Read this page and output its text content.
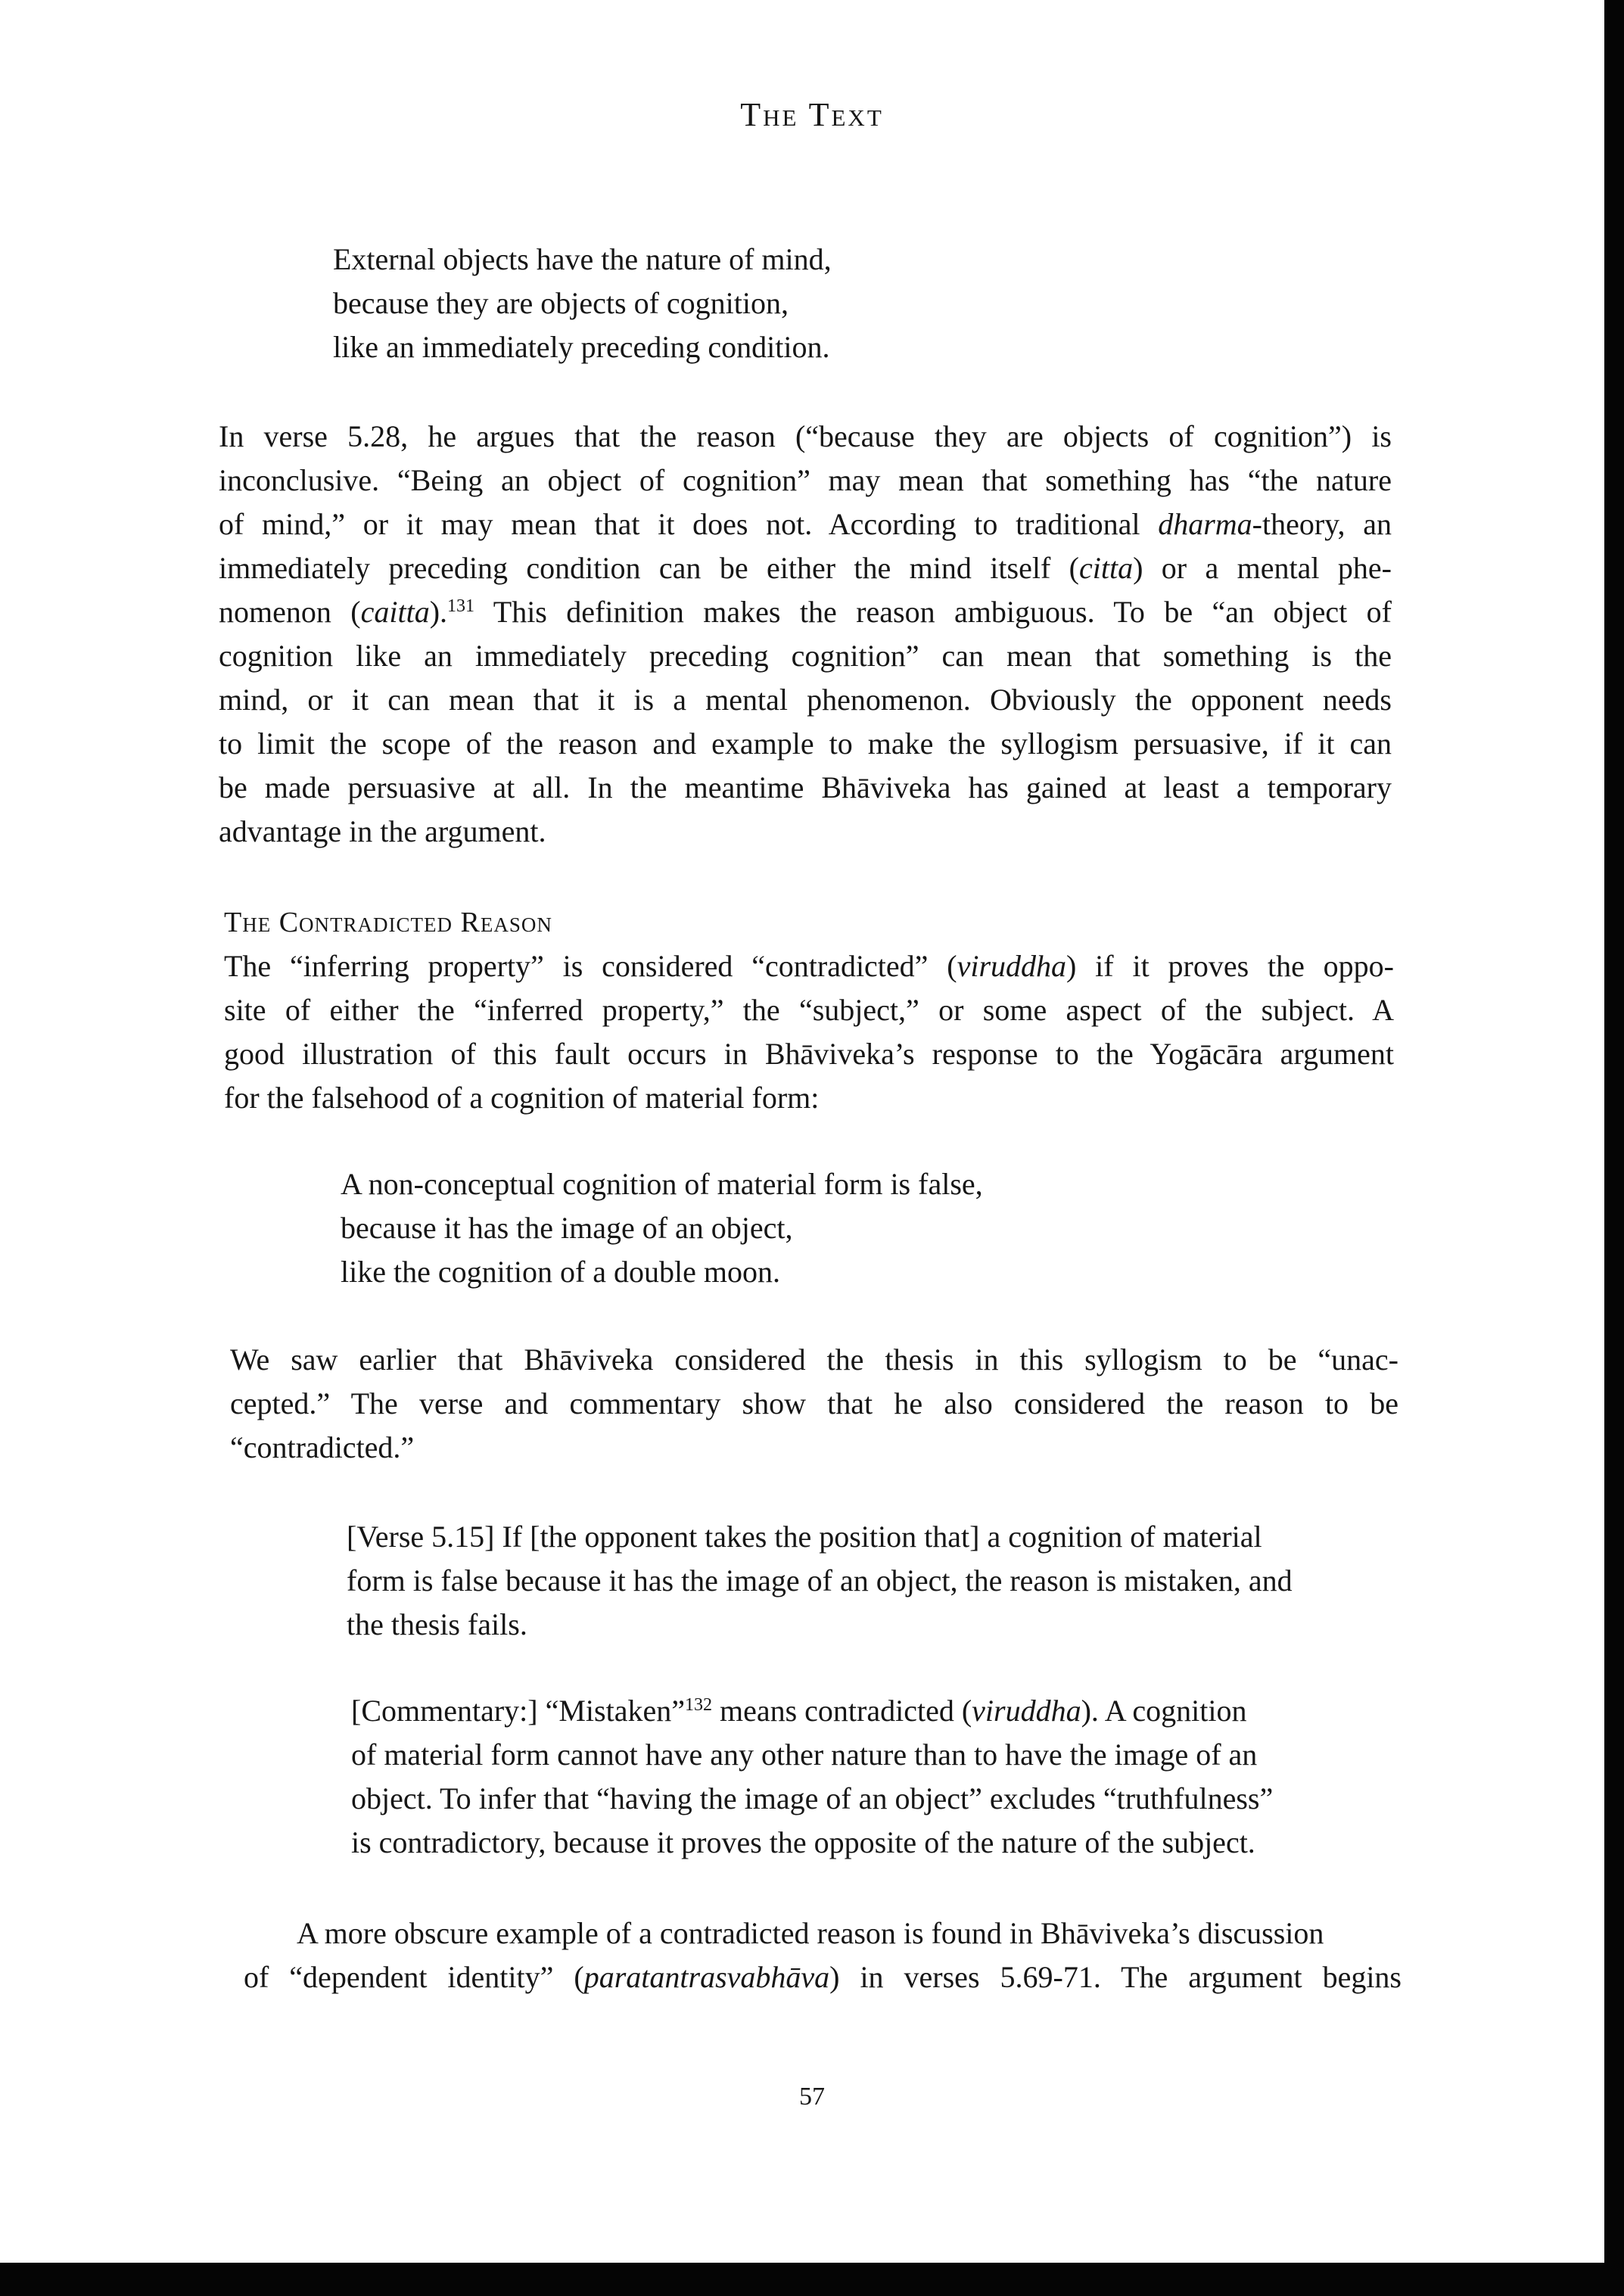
The Text
External objects have the nature of mind,
because they are objects of cognition,
like an immediately preceding condition.
In verse 5.28, he argues that the reason (“because they are objects of cognition”) is
inconclusive. “Being an object of cognition” may mean that something has “the nature
of mind,” or it may mean that it does not. According to traditional dharma-theory, an
immediately preceding condition can be either the mind itself (citta) or a mental phe-
nomenon (caitta).$^{131}$ This definition makes the reason ambiguous. To be “an object of
cognition like an immediately preceding cognition” can mean that something is the
mind, or it can mean that it is a mental phenomenon. Obviously the opponent needs
to limit the scope of the reason and example to make the syllogism persuasive, if it can
be made persuasive at all. In the meantime Bhāviveka has gained at least a temporary
advantage in the argument.
The Contradicted Reason
The “inferring property” is considered “contradicted” (viruddha) if it proves the oppo-
site of either the “inferred property,” the “subject,” or some aspect of the subject. A
good illustration of this fault occurs in Bhāviveka’s response to the Yogācāra argument
for the falsehood of a cognition of material form:
A non-conceptual cognition of material form is false,
because it has the image of an object,
like the cognition of a double moon.
We saw earlier that Bhāviveka considered the thesis in this syllogism to be “unac-
cepted.” The verse and commentary show that he also considered the reason to be
“contradicted.”
[Verse 5.15] If [the opponent takes the position that] a cognition of material
form is false because it has the image of an object, the reason is mistaken, and
the thesis fails.
[Commentary:] “Mistaken”$^{132}$ means contradicted (viruddha). A cognition
of material form cannot have any other nature than to have the image of an
object. To infer that “having the image of an object” excludes “truthfulness”
is contradictory, because it proves the opposite of the nature of the subject.
A more obscure example of a contradicted reason is found in Bhāviveka’s discussion
of “dependent identity” (paratantrasvabhāva) in verses 5.69-71. The argument begins
57
